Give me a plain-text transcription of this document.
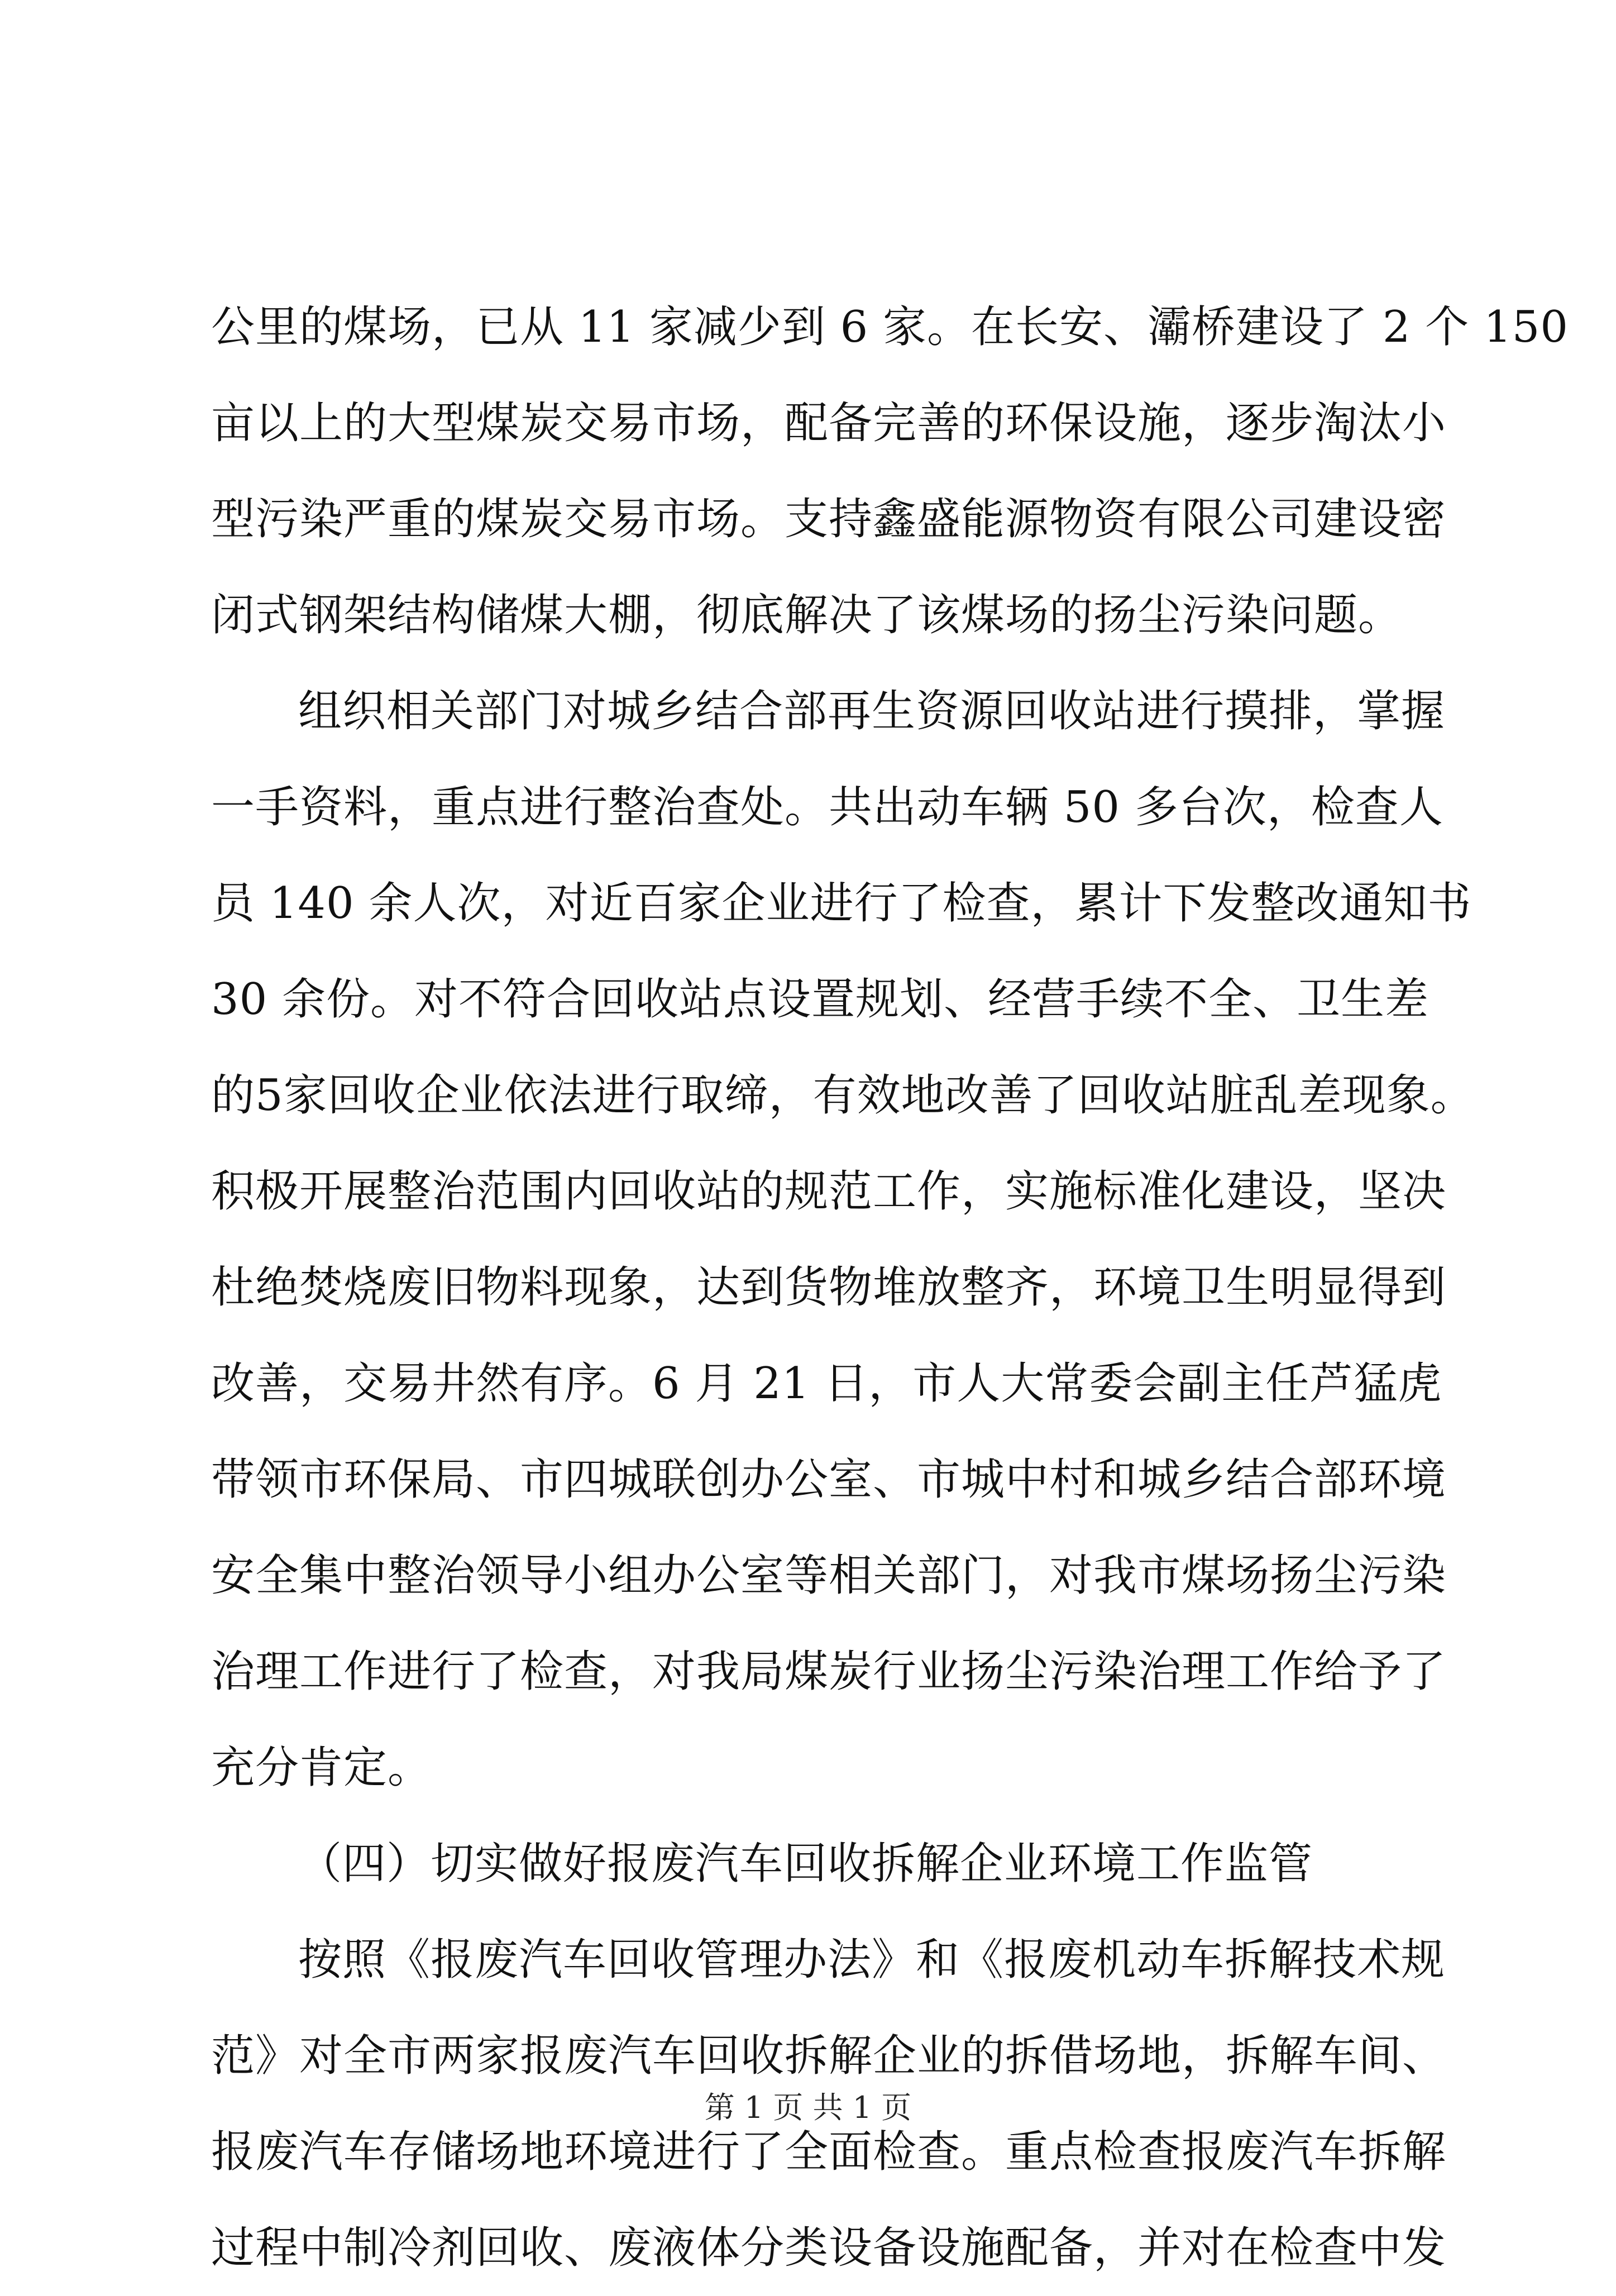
公里的煤场，已从 11 家减少到 6 家。在长安、灞桥建设了 2 个 150
亩以上的大型煤炭交易市场，配备完善的环保设施，逐步淘汰小
型污染严重的煤炭交易市场。支持鑫盛能源物资有限公司建设密
闭式钢架结构储煤大棚，彻底解决了该煤场的扬尘污染问题。
组织相关部门对城乡结合部再生资源回收站进行摸排，掌握
一手资料，重点进行整治查处。共出动车辆 50 多台次，检查人
员 140 余人次，对近百家企业进行了检查，累计下发整改通知书
30 余份。对不符合回收站点设置规划、经营手续不全、卫生差
的5家回收企业依法进行取缔，有效地改善了回收站脏乱差现象。
积极开展整治范围内回收站的规范工作，实施标准化建设，坚决
杜绝焚烧废旧物料现象，达到货物堆放整齐，环境卫生明显得到
改善，交易井然有序。6 月 21 日，市人大常委会副主任芦猛虎
带领市环保局、市四城联创办公室、市城中村和城乡结合部环境
安全集中整治领导小组办公室等相关部门，对我市煤场扬尘污染
治理工作进行了检查，对我局煤炭行业扬尘污染治理工作给予了
充分肯定。
（四）切实做好报废汽车回收拆解企业环境工作监管
按照《报废汽车回收管理办法》和《报废机动车拆解技术规
范》对全市两家报废汽车回收拆解企业的拆借场地，拆解车间、
报废汽车存储场地环境进行了全面检查。重点检查报废汽车拆解
过程中制冷剂回收、废液体分类设备设施配备，并对在检查中发
第 1 页 共 1 页
